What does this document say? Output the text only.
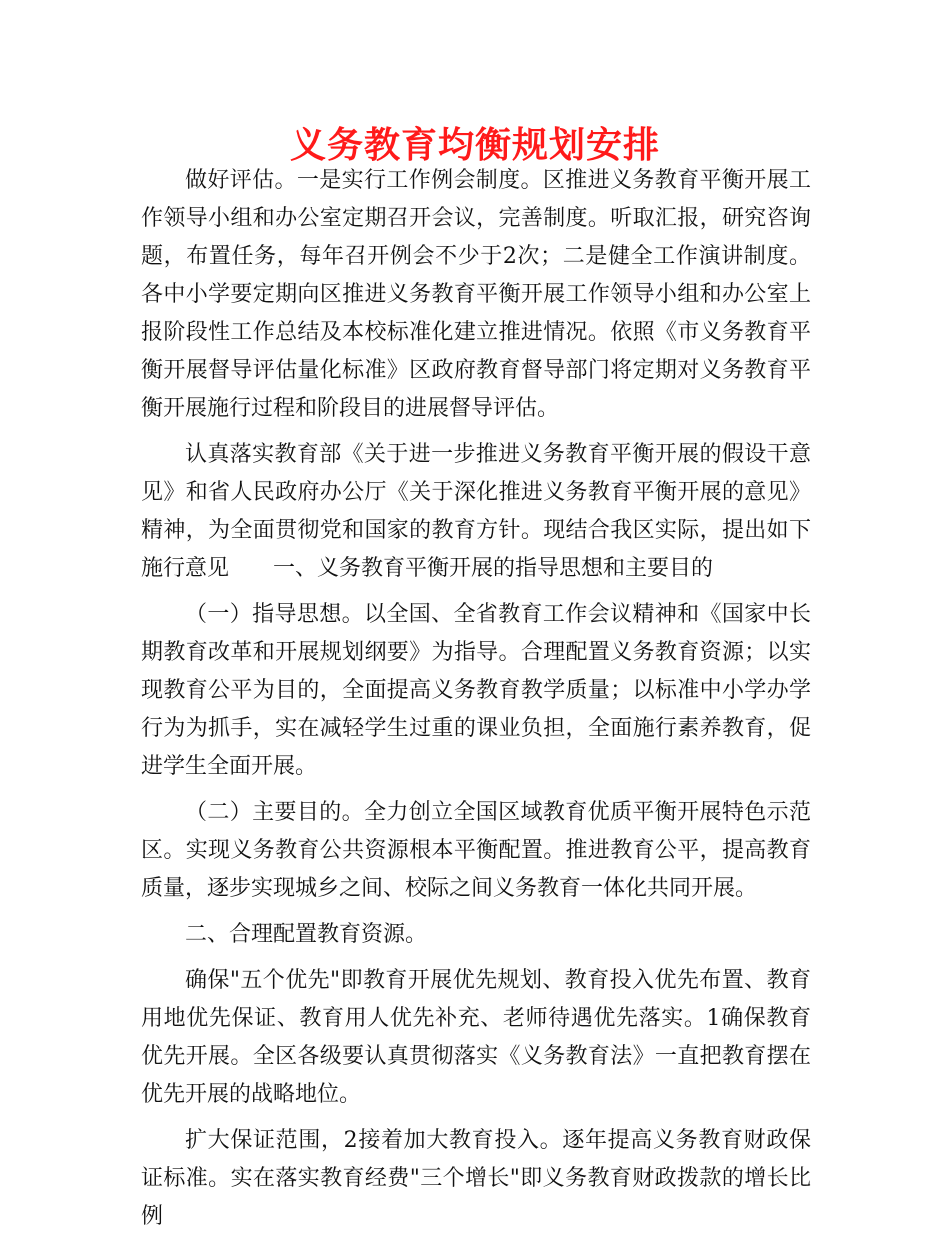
义务教育均衡规划安排

做好评估。一是实行工作例会制度。区推进义务教育平衡开展工作领导小组和办公室定期召开会议，完善制度。听取汇报，研究咨询题，布置任务，每年召开例会不少于2次；二是健全工作演讲制度。各中小学要定期向区推进义务教育平衡开展工作领导小组和办公室上报阶段性工作总结及本校标准化建立推进情况。依照《市义务教育平衡开展督导评估量化标准》区政府教育督导部门将定期对义务教育平衡开展施行过程和阶段目的进展督导评估。

认真落实教育部《关于进一步推进义务教育平衡开展的假设干意见》和省人民政府办公厅《关于深化推进义务教育平衡开展的意见》精神，为全面贯彻党和国家的教育方针。现结合我区实际，提出如下施行意见　　一、义务教育平衡开展的指导思想和主要目的

（一）指导思想。以全国、全省教育工作会议精神和《国家中长期教育改革和开展规划纲要》为指导。合理配置义务教育资源；以实现教育公平为目的，全面提高义务教育教学质量；以标准中小学办学行为为抓手，实在减轻学生过重的课业负担，全面施行素养教育，促进学生全面开展。

（二）主要目的。全力创立全国区域教育优质平衡开展特色示范区。实现义务教育公共资源根本平衡配置。推进教育公平，提高教育质量，逐步实现城乡之间、校际之间义务教育一体化共同开展。

二、合理配置教育资源。

确保"五个优先"即教育开展优先规划、教育投入优先布置、教育用地优先保证、教育用人优先补充、老师待遇优先落实。1确保教育优先开展。全区各级要认真贯彻落实《义务教育法》一直把教育摆在优先开展的战略地位。

扩大保证范围，2接着加大教育投入。逐年提高义务教育财政保证标准。实在落实教育经费"三个增长"即义务教育财政拨款的增长比例
